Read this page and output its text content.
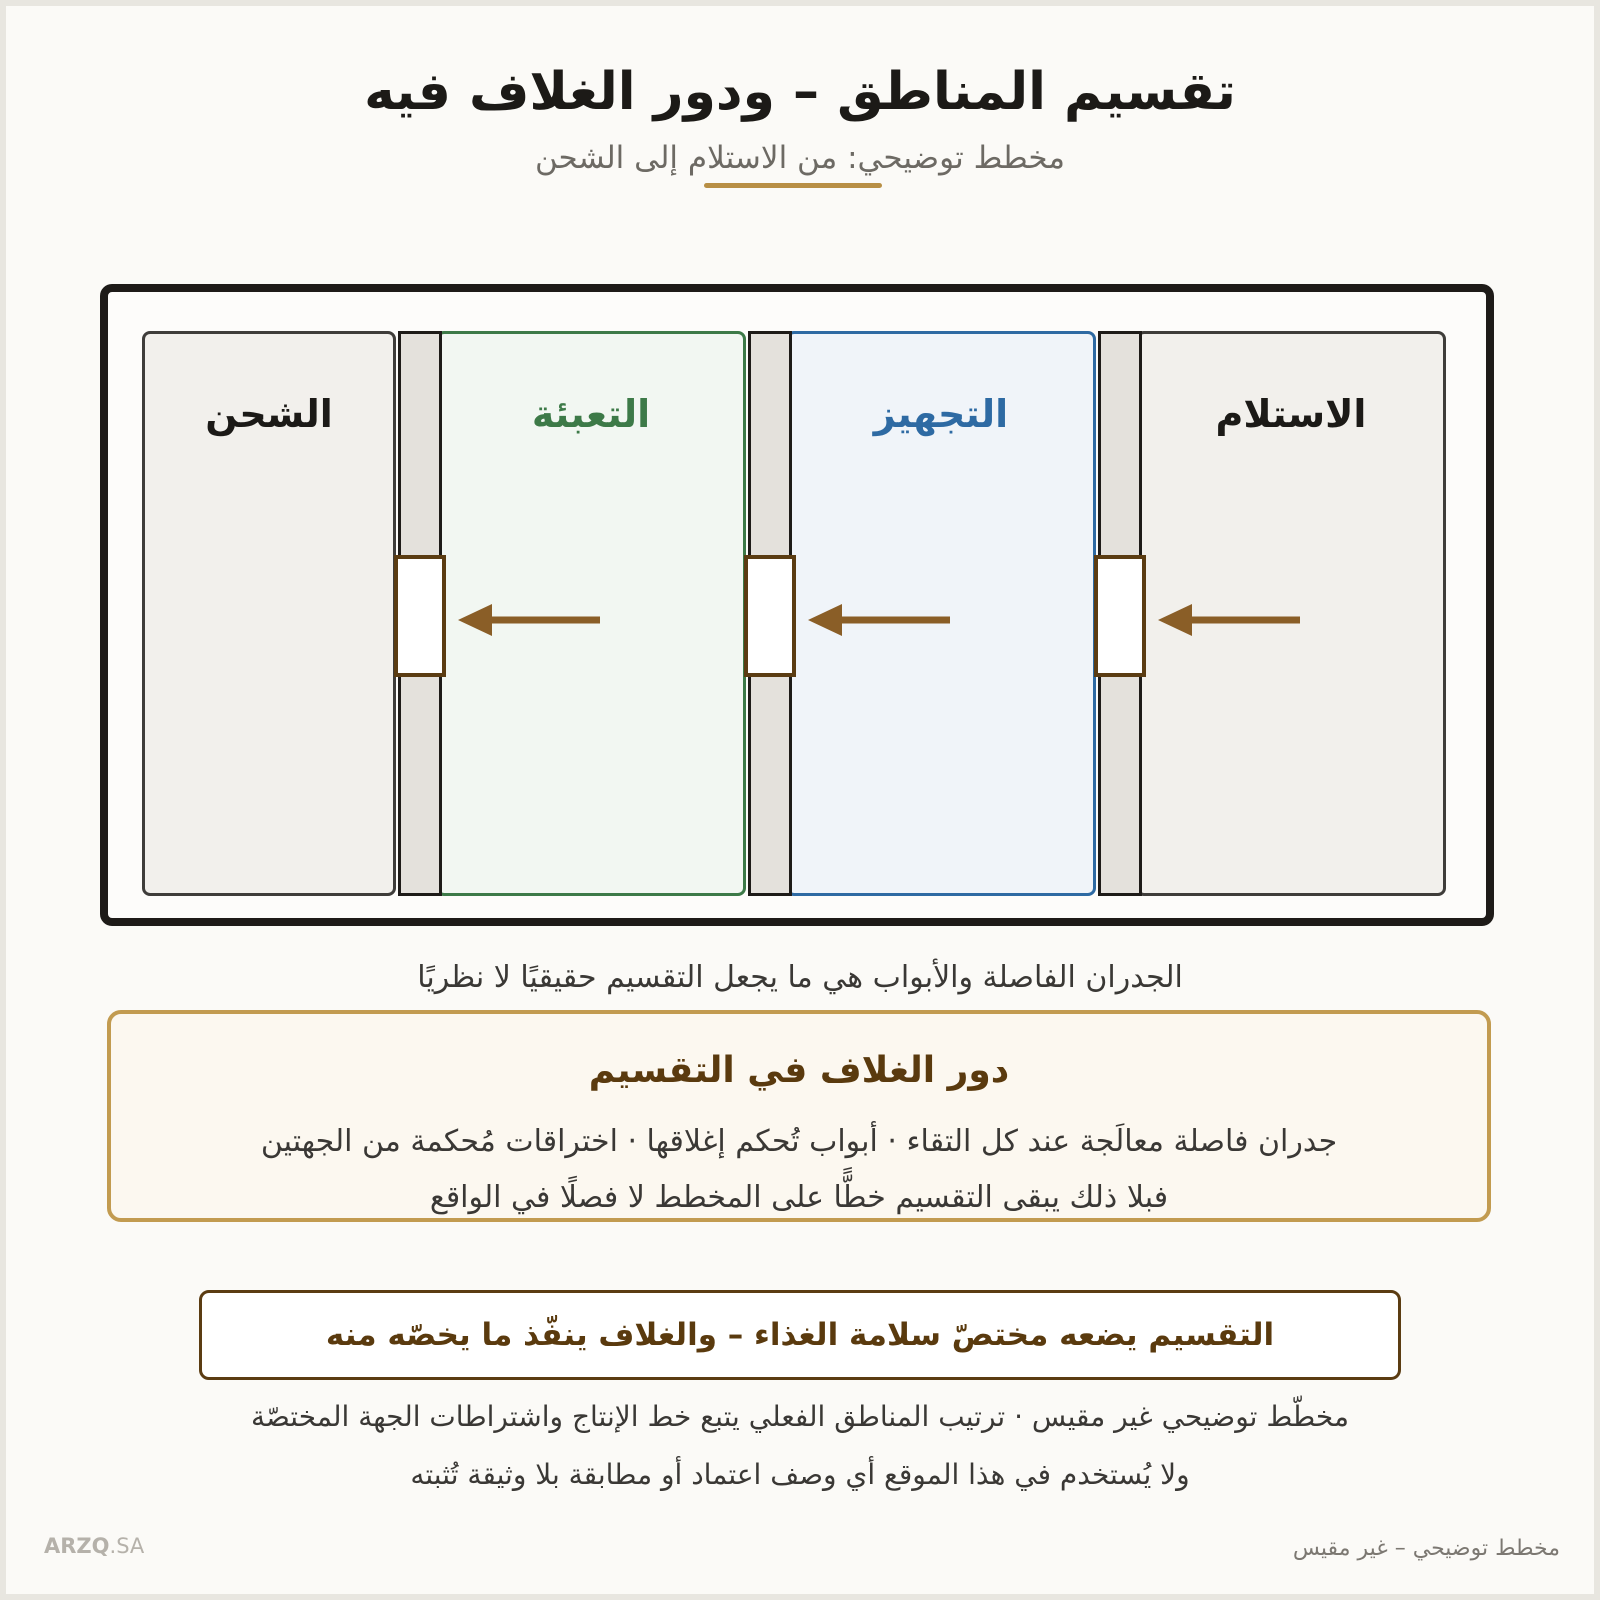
تقسيم المناطق – ودور الغلاف فيه
مخطط توضيحي: من الاستلام إلى الشحن
الاستلام
التجهيز
التعبئة
الشحن
الجدران الفاصلة والأبواب هي ما يجعل التقسيم حقيقيًا لا نظريًا
دور الغلاف في التقسيم
جدران فاصلة معالَجة عند كل التقاء · أبواب تُحكم إغلاقها · اختراقات مُحكمة من الجهتين
فبلا ذلك يبقى التقسيم خطًّا على المخطط لا فصلًا في الواقع
التقسيم يضعه مختصّ سلامة الغذاء – والغلاف ينفّذ ما يخصّه منه
مخطّط توضيحي غير مقيس · ترتيب المناطق الفعلي يتبع خط الإنتاج واشتراطات الجهة المختصّة
ولا يُستخدم في هذا الموقع أي وصف اعتماد أو مطابقة بلا وثيقة تُثبته
ARZQ.SA	مخطط توضيحي – غير مقيس
